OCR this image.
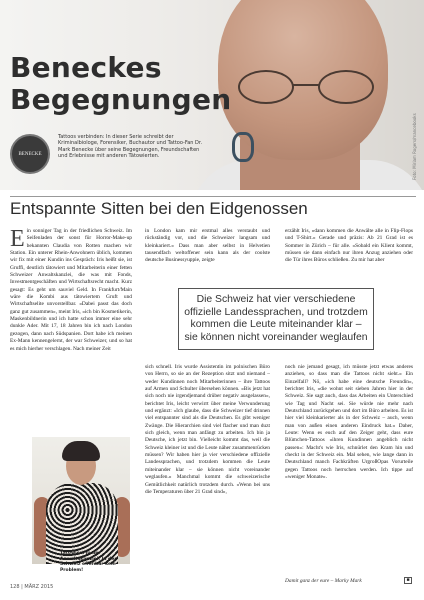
Beneckes
Begegnungen
BENECKE
Tattoos verbinden: In dieser Serie schreibt der Kriminalbiologe, Forensiker, Buchautor und Tattoo-Fan Dr. Mark Benecke über seine Begegnungen, Freundschaften und Erlebnisse mit anderen Tätowierten.	Foto: Miriam Rogers/mancebooks
Entspannte Sitten bei den Eidgenossen
E in sonniger Tag in der friedlichen Schweiz. Im Seifenladen der sonst für Horror-Make-up bekannten Claudia von Rotten machen wir Station. Ein unterer Rhein-Anwohnern üblich, kommen wir fix mit einer Kundin ins Gespräch: Iris heißt sie, ist Gruffi, deutlich tätowiert und Mitarbeiterin einer fetten Schweizer Anwaltskanzlei, die was mit Fonds, Investmentgeschäften und Wirtschaftsrecht macht. Kurz gesagt: Es geht um sauviel Geld. In Frankfurt/Main wäre die Kombi aus tätowiertem Gruft und Wirtschaftselite unvorstellbar. «Dabei passt das doch ganz gut zusammen», meint Iris, «ich bin Kosmetikerin, Maskenbildnerin und ich hatte schon immer eine sehr dunkle Ader. Mit 17, 18 Jahren bin ich nach London gezogen, dann nach Südspanien. Dort habe ich meinen Ex-Mann kennengelernt, der war Schweizer, und so hat es mich hierher verschlagen. Nach meiner Zeit
in London kam mir erstmal alles verstaubt und rückständig vor, und die Schweizer langsam und kleinkariert.» Dass man aber selbst in Helvetien tausendfach weltoffener sein kann als der coolste deutsche Businessyuppie, zeigte
erzählt Iris, «dann kommen die Anwälte alle in Flip-Flops und T-Shirt.» Gerade und präzis: Ab 21 Grad ist es Sommer in Zürich – für alle. «Sobald ein Klient kommt, müssen sie dann einfach nur ihren Anzug anziehen oder die Tür ihres Büros schließen. Zu mir hat aber
Die Schweiz hat vier verschiedene offizielle Landessprachen, und trotzdem kommen die Leute miteinander klar – sie können nicht voreinander weglaufen
sich schnell. Iris wurde Assistentin im polnischen Büro von Herrn, so sie an der Rezeption sitzt und niemand – weder Kundinnen noch Mitarbeiterinnen – ihre Tattoos auf Armen und Schulter übersehen können. «Bis jetzt hat sich noch nie irgendjemand drüber negativ ausgelassen», berichtet Iris, leicht verwirrt über meine Verwunderung und ergänzt: «Ich glaube, dass die Schweizer tief drinnen viel entspannter sind als die Deutschen. Es gibt weniger Zwänge. Die Hierarchien sind viel flacher und man duzt sich gleich, wenn man anfängt zu arbeiten. Ich bin ja Deutsche, ich jetzt bin. Vielleicht kommt das, weil die Schweiz kleiner ist und die Leute näher zusammenrücken müssen? Wir haben hier ja vier verschiedene offizielle Landessprachen, und trotzdem kommen die Leute miteinander klar – sie können nicht voreinander weglaufen.» Manchmal kommt die schweizerische Gemütlichkeit natürlich trotzdem durch. «Wenn bei uns die Temperaturen über 21 Grad sind»,
noch nie jemand gesagt, ich müsste jetzt etwas anderes anziehen, so dass man die Tattoos nicht sieht.» Ein Einzelfall? Nö, «ich habe eine deutsche Freundin», berichtet Iris, «die wohnt seit sieben Jahren hier in der Schweiz. Sie sagt auch, dass das Arbeiten ein Unterschied wie Tag und Nacht sei. Sie würde nie mehr nach Deutschland zurückgehen und dort im Büro arbeiten. Es ist hier viel kleinkarierter als in der Schweiz – auch, wenn man von außen einen anderen Eindruck hat.» Daher, Leute: Wenn es euch auf den Zeiger geht, dass eure Blümchen-Tattoos «ihren Kundinnen angeblich nicht passen»: Macht's wie Iris, schnürlet den Kram hin und checkt in der Schweiz ein. Mal sehen, wie lange dann in Deutschland manch Fachkräften UrgroßOpas Vorurteile gegen Tattoos noch herrschen werden. Ich tippe auf «weniger Monate».
Tätowiert in der Anwaltskanzlei: In der Schweiz offenbar kein Problem!
Damit ganz der eure – Marky Mark	■
128 | MÄRZ 2015
